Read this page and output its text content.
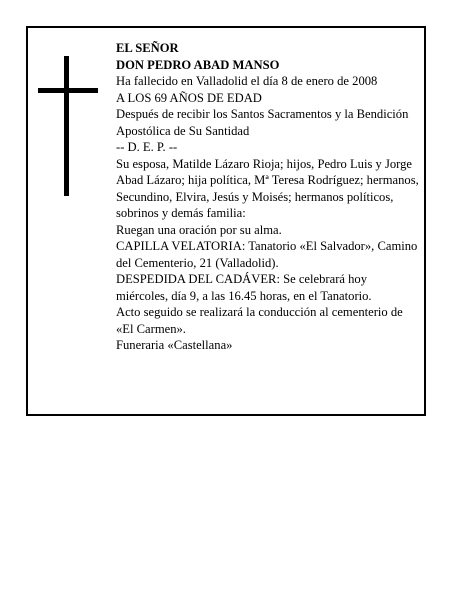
EL SEÑOR

DON PEDRO ABAD MANSO

Ha fallecido en Valladolid el día 8 de enero de 2008

A LOS 69 AÑOS DE EDAD

Después de recibir los Santos Sacramentos y la Bendición Apostólica de Su Santidad

-- D. E. P. --

Su esposa, Matilde Lázaro Rioja; hijos, Pedro Luis y Jorge Abad Lázaro; hija política, Mª Teresa Rodríguez; hermanos, Secundino, Elvira, Jesús y Moisés; hermanos políticos, sobrinos y demás familia:

Ruegan una oración por su alma.

CAPILLA VELATORIA: Tanatorio «El Salvador», Camino del Cementerio, 21 (Valladolid).

DESPEDIDA DEL CADÁVER: Se celebrará hoy miércoles, día 9, a las 16.45 horas, en el Tanatorio.

Acto seguido se realizará la conducción al cementerio de «El Carmen».

Funeraria «Castellana»
